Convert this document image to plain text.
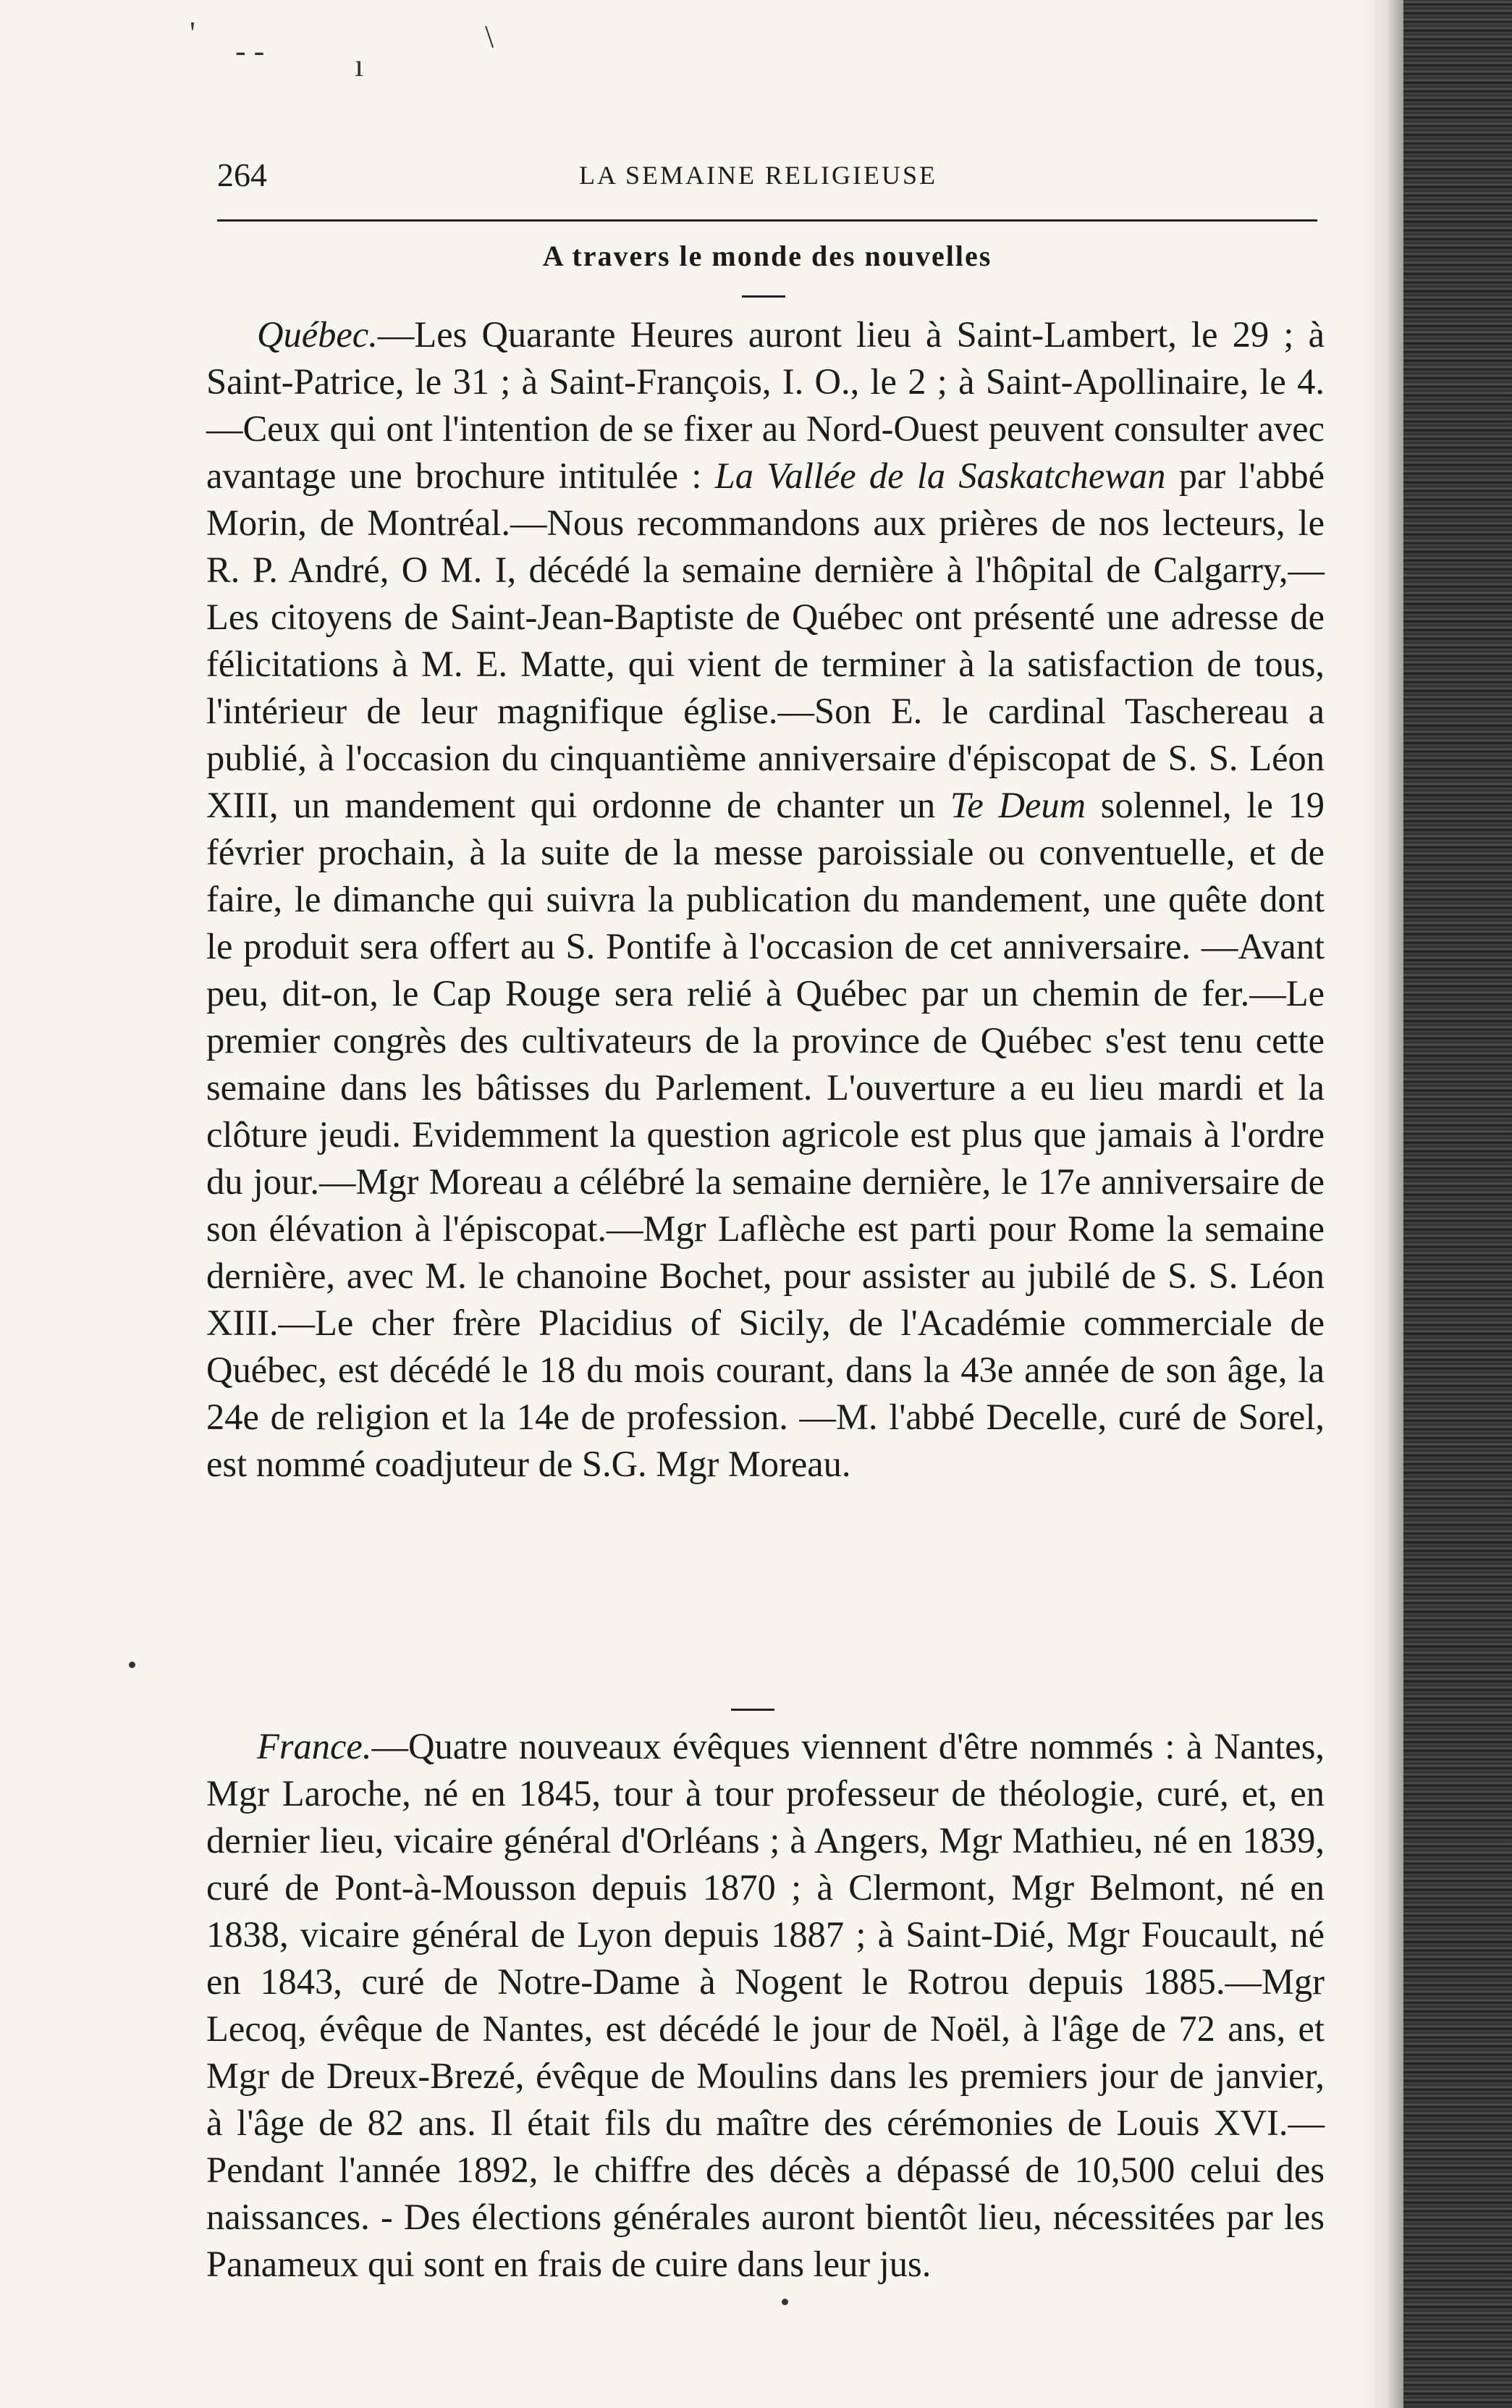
'
- -	ı
\
264	LA SEMAINE RELIGIEUSE
A travers le monde des nouvelles

Québec.—Les Quarante Heures auront lieu à Saint-Lambert, le 29 ; à Saint-Patrice, le 31 ; à Saint-François, I. O., le 2 ; à Saint-Apollinaire, le 4.—Ceux qui ont l'intention de se fixer au Nord-Ouest peuvent consulter avec avantage une brochure intitulée : La Vallée de la Saskatchewan par l'abbé Morin, de Montréal.—Nous recommandons aux prières de nos lecteurs, le R. P. André, O M. I, décédé la semaine dernière à l'hôpital de Calgarry,—Les citoyens de Saint-Jean-Baptiste de Québec ont présenté une adresse de félicitations à M. E. Matte, qui vient de terminer à la satisfaction de tous, l'intérieur de leur magnifique église.—Son E. le cardinal Taschereau a publié, à l'occasion du cinquantième anniversaire d'épiscopat de S. S. Léon XIII, un mandement qui ordonne de chanter un Te Deum solennel, le 19 février prochain, à la suite de la messe paroissiale ou conventuelle, et de faire, le dimanche qui suivra la publication du mandement, une quête dont le produit sera offert au S. Pontife à l'occasion de cet anniversaire. —Avant peu, dit-on, le Cap Rouge sera relié à Québec par un chemin de fer.—Le premier congrès des cultivateurs de la province de Québec s'est tenu cette semaine dans les bâtisses du Parlement. L'ouverture a eu lieu mardi et la clôture jeudi. Evidemment la question agricole est plus que jamais à l'ordre du jour.—Mgr Moreau a célébré la semaine dernière, le 17e anniversaire de son élévation à l'épiscopat.—Mgr Laflèche est parti pour Rome la semaine dernière, avec M. le chanoine Bochet, pour assister au jubilé de S. S. Léon XIII.—Le cher frère Placidius of Sicily, de l'Académie commerciale de Québec, est décédé le 18 du mois courant, dans la 43e année de son âge, la 24e de religion et la 14e de profession. —M. l'abbé Decelle, curé de Sorel, est nommé coadjuteur de S.G. Mgr Moreau.

France.—Quatre nouveaux évêques viennent d'être nommés : à Nantes, Mgr Laroche, né en 1845, tour à tour professeur de théologie, curé, et, en dernier lieu, vicaire général d'Orléans ; à Angers, Mgr Mathieu, né en 1839, curé de Pont-à-Mousson depuis 1870 ; à Clermont, Mgr Belmont, né en 1838, vicaire général de Lyon depuis 1887 ; à Saint-Dié, Mgr Foucault, né en 1843, curé de Notre-Dame à Nogent le Rotrou depuis 1885.—Mgr Lecoq, évêque de Nantes, est décédé le jour de Noël, à l'âge de 72 ans, et Mgr de Dreux-Brezé, évêque de Moulins dans les premiers jour de janvier, à l'âge de 82 ans. Il était fils du maître des cérémonies de Louis XVI.—Pendant l'année 1892, le chiffre des décès a dépassé de 10,500 celui des naissances. - Des élections générales auront bientôt lieu, nécessitées par les Panameux qui sont en frais de cuire dans leur jus.
